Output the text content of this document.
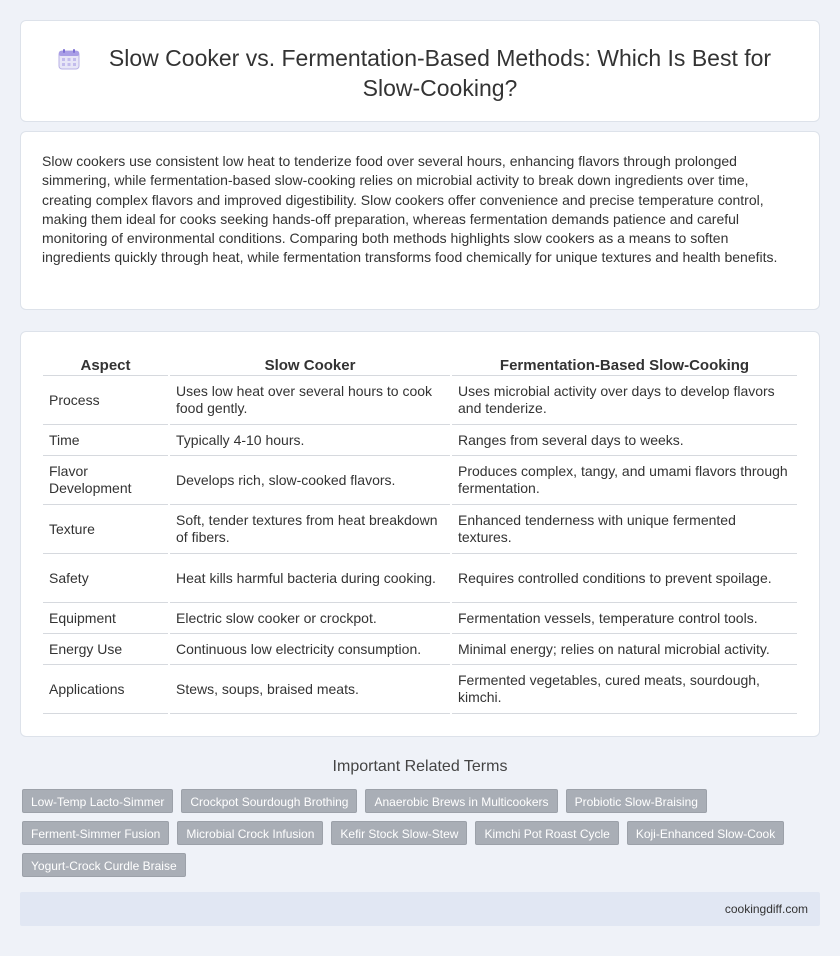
Slow Cooker vs. Fermentation-Based Methods: Which Is Best for Slow-Cooking?

Slow cookers use consistent low heat to tenderize food over several hours, enhancing flavors through prolonged simmering, while fermentation-based slow-cooking relies on microbial activity to break down ingredients over time, creating complex flavors and improved digestibility. Slow cookers offer convenience and precise temperature control, making them ideal for cooks seeking hands-off preparation, whereas fermentation demands patience and careful monitoring of environmental conditions. Comparing both methods highlights slow cookers as a means to soften ingredients quickly through heat, while fermentation transforms food chemically for unique textures and health benefits.

Aspect	Slow Cooker	Fermentation-Based Slow-Cooking
Process	Uses low heat over several hours to cook food gently.	Uses microbial activity over days to develop flavors and tenderize.
Time	Typically 4-10 hours.	Ranges from several days to weeks.
Flavor Development	Develops rich, slow-cooked flavors.	Produces complex, tangy, and umami flavors through fermentation.
Texture	Soft, tender textures from heat breakdown of fibers.	Enhanced tenderness with unique fermented textures.
Safety	Heat kills harmful bacteria during cooking.	Requires controlled conditions to prevent spoilage.
Equipment	Electric slow cooker or crockpot.	Fermentation vessels, temperature control tools.
Energy Use	Continuous low electricity consumption.	Minimal energy; relies on natural microbial activity.
Applications	Stews, soups, braised meats.	Fermented vegetables, cured meats, sourdough, kimchi.
Important Related Terms
Low-Temp Lacto-Simmer	Crockpot Sourdough Brothing	Anaerobic Brews in Multicookers	Probiotic Slow-Braising
Ferment-Simmer Fusion	Microbial Crock Infusion	Kefir Stock Slow-Stew	Kimchi Pot Roast Cycle	Koji-Enhanced Slow-Cook
Yogurt-Crock Curdle Braise
cookingdiff.com
